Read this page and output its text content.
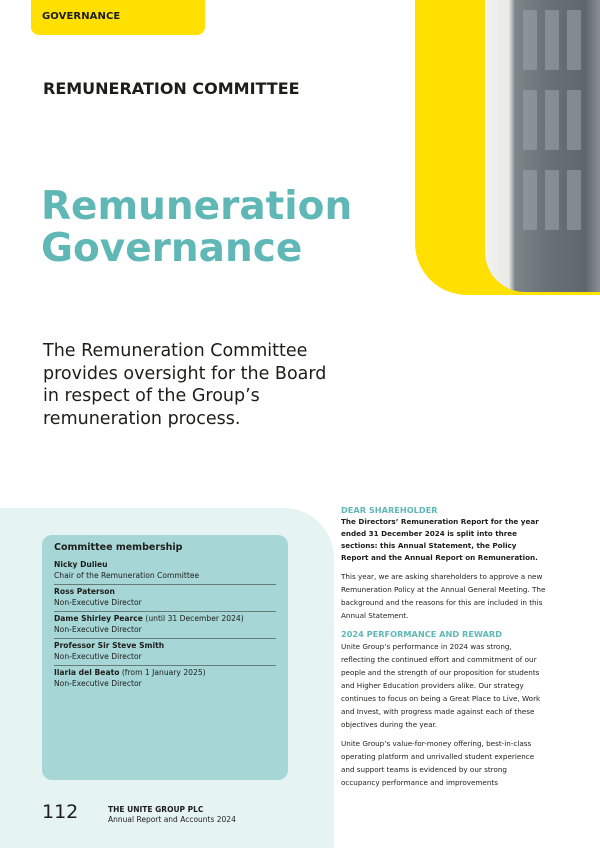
GOVERNANCE
REMUNERATION COMMITTEE
Remuneration
Governance
The Remuneration Committee provides oversight for the Board in respect of the Group’s remuneration process.
Committee membership
Nicky Dulieu
Chair of the Remuneration Committee
Ross Paterson
Non-Executive Director
Dame Shirley Pearce (until 31 December 2024)
Non-Executive Director
Professor Sir Steve Smith
Non-Executive Director
Ilaria del Beato (from 1 January 2025)
Non-Executive Director
112	THE UNITE GROUP PLC
Annual Report and Accounts 2024
DEAR SHAREHOLDER

The Directors’ Remuneration Report for the year ended 31 December 2024 is split into three sections: this Annual Statement, the Policy Report and the Annual Report on Remuneration.

This year, we are asking shareholders to approve a new Remuneration Policy at the Annual General Meeting. The background and the reasons for this are included in this Annual Statement.

2024 PERFORMANCE AND REWARD

Unite Group’s performance in 2024 was strong, reflecting the continued effort and commitment of our people and the strength of our proposition for students and Higher Education providers alike. Our strategy continues to focus on being a Great Place to Live, Work and Invest, with progress made against each of these objectives during the year.

Unite Group’s value-for-money offering, best-in-class operating platform and unrivalled student experience and support teams is evidenced by our strong occupancy performance and improvements
